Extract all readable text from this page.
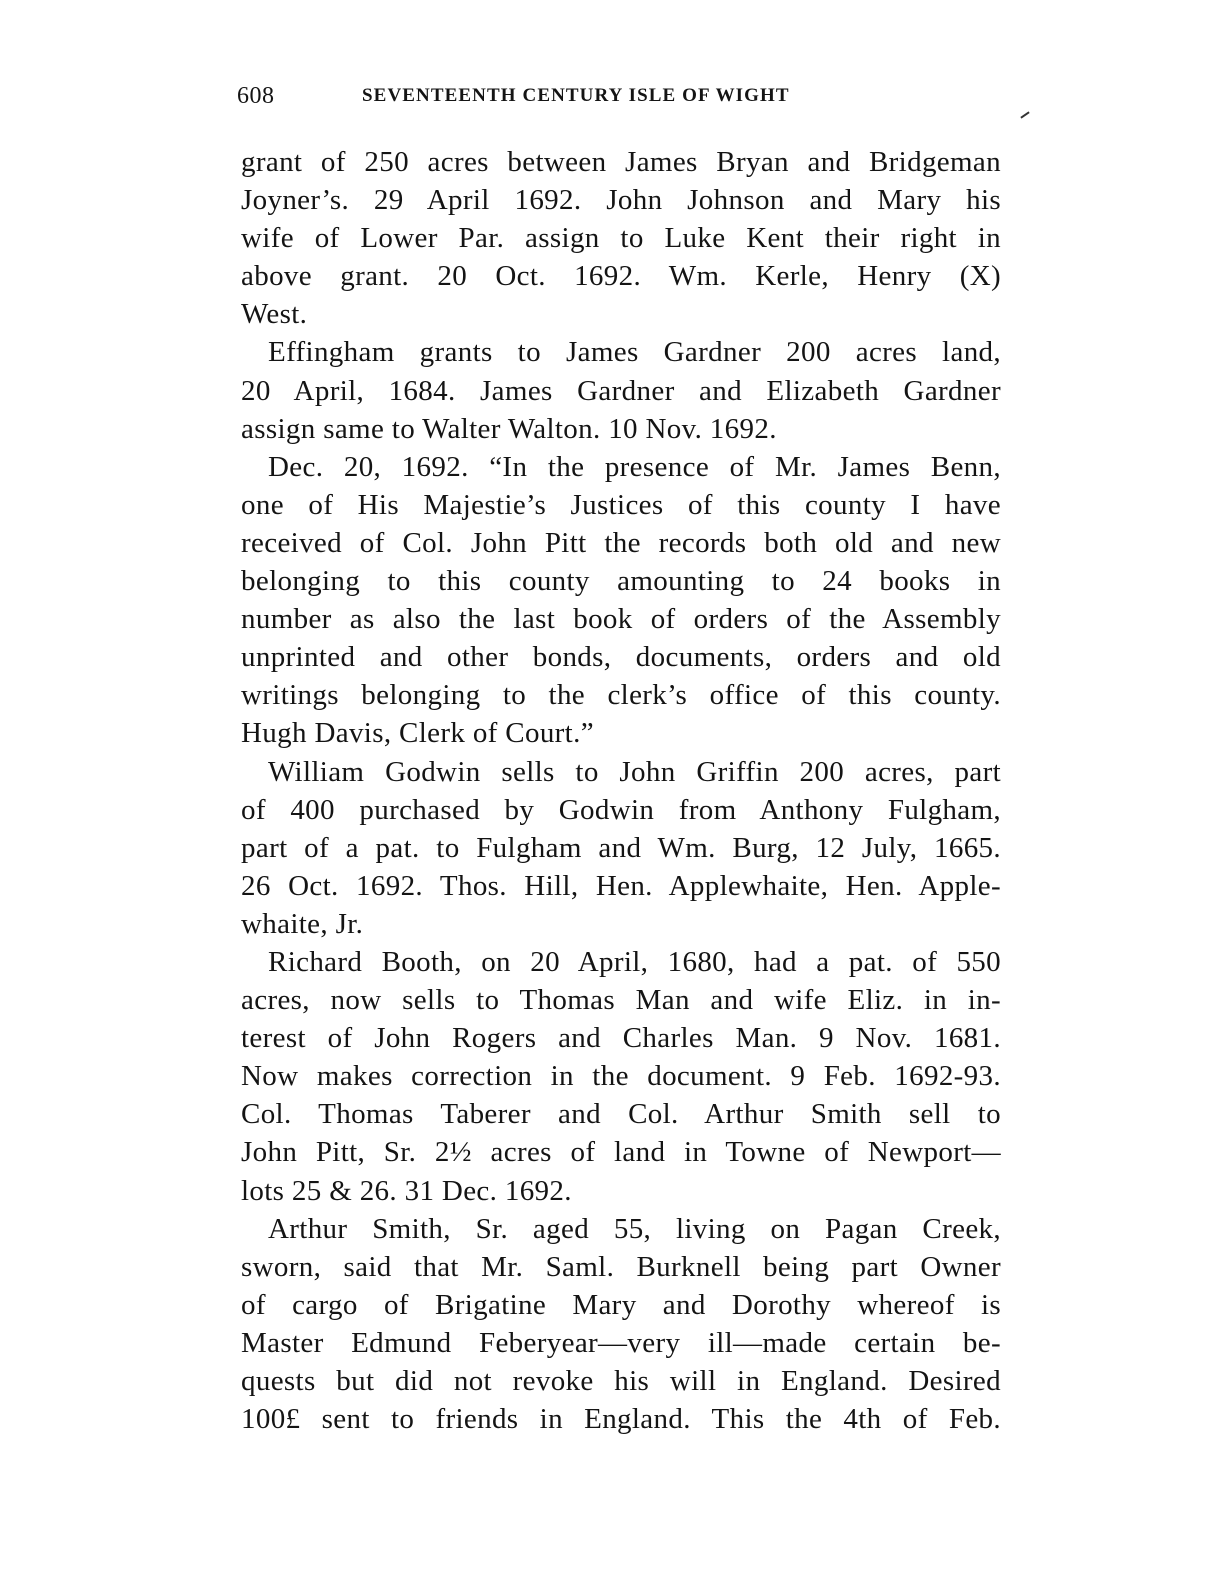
608	SEVENTEENTH CENTURY ISLE OF WIGHT

grant of 250 acres between James Bryan and Bridgeman
Joyner’s. 29 April 1692. John Johnson and Mary his
wife of Lower Par. assign to Luke Kent their right in
above grant. 20 Oct. 1692. Wm. Kerle, Henry (X)
West.

Effingham grants to James Gardner 200 acres land,
20 April, 1684. James Gardner and Elizabeth Gardner
assign same to Walter Walton. 10 Nov. 1692.

Dec. 20, 1692. “In the presence of Mr. James Benn,
one of His Majestie’s Justices of this county I have
received of Col. John Pitt the records both old and new
belonging to this county amounting to 24 books in
number as also the last book of orders of the Assembly
unprinted and other bonds, documents, orders and old
writings belonging to the clerk’s office of this county.
Hugh Davis, Clerk of Court.”

William Godwin sells to John Griffin 200 acres, part
of 400 purchased by Godwin from Anthony Fulgham,
part of a pat. to Fulgham and Wm. Burg, 12 July, 1665.
26 Oct. 1692. Thos. Hill, Hen. Applewhaite, Hen. Apple-
whaite, Jr.

Richard Booth, on 20 April, 1680, had a pat. of 550
acres, now sells to Thomas Man and wife Eliz. in in-
terest of John Rogers and Charles Man. 9 Nov. 1681.
Now makes correction in the document. 9 Feb. 1692-93.
Col. Thomas Taberer and Col. Arthur Smith sell to
John Pitt, Sr. 2½ acres of land in Towne of Newport—
lots 25 & 26. 31 Dec. 1692.

Arthur Smith, Sr. aged 55, living on Pagan Creek,
sworn, said that Mr. Saml. Burknell being part Owner
of cargo of Brigatine Mary and Dorothy whereof is
Master Edmund Feberyear—very ill—made certain be-
quests but did not revoke his will in England. Desired
100£ sent to friends in England. This the 4th of Feb.
